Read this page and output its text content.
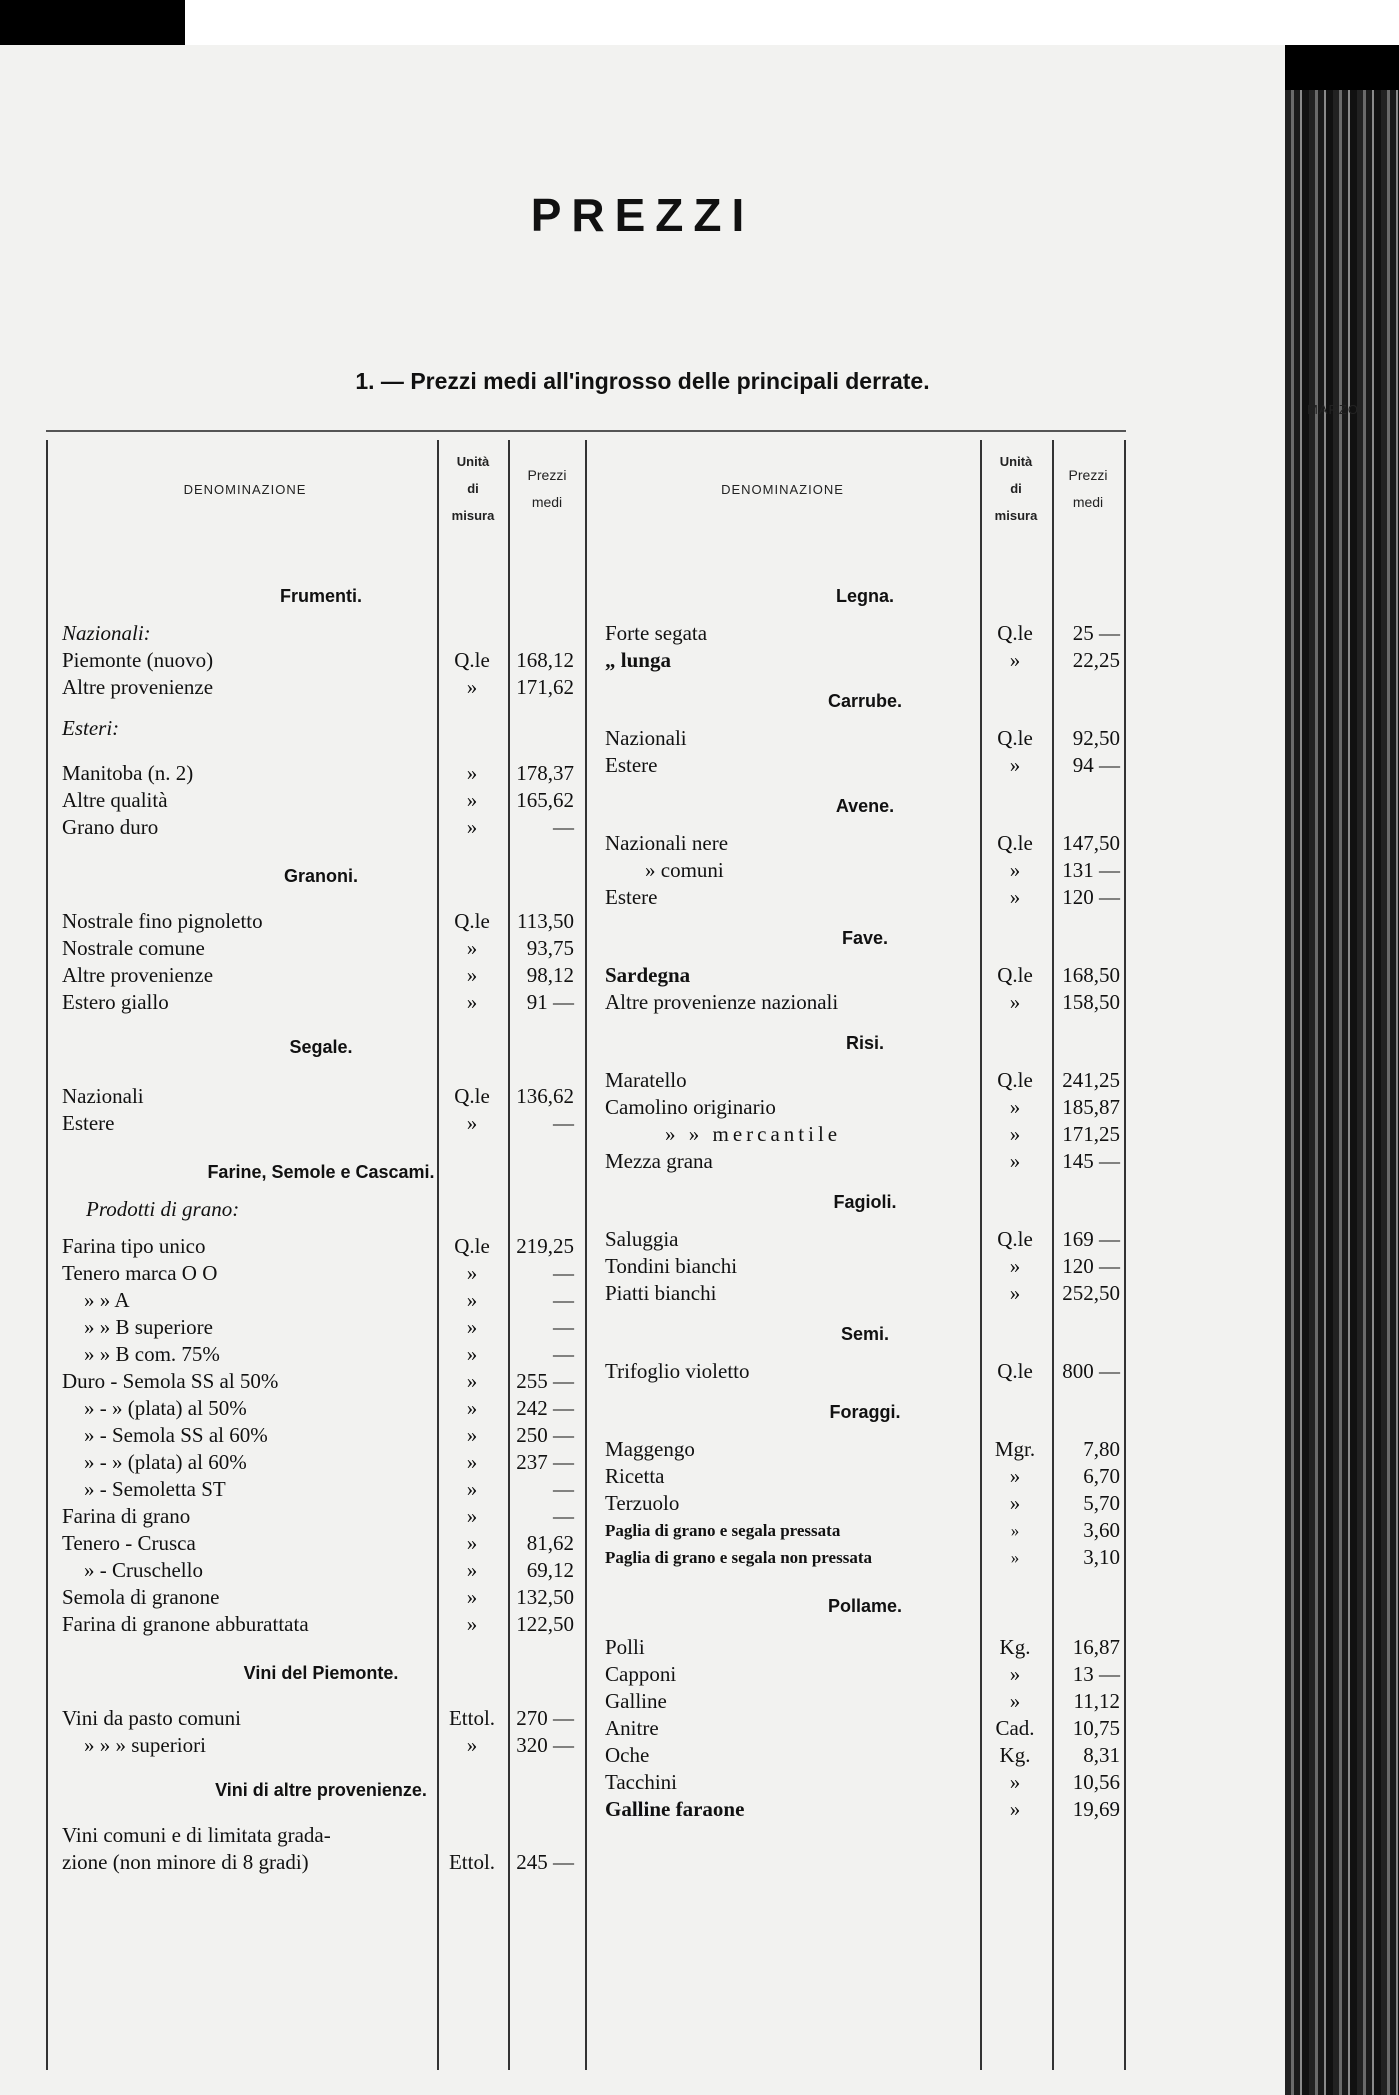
PREZZI
1. — Prezzi medi all'ingrosso delle principali derrate.
MARZO
DENOMINAZIONE
Unità
di
misura
Prezzi
medi
DENOMINAZIONE
Unità
di
misura
Prezzi
medi
Frumenti.
Nazionali:
Piemonte (nuovo)	Q.le	168,12
Altre provenienze	»	171,62
Esteri:
Manitoba (n. 2)	»	178,37
Altre qualità	»	165,62
Grano duro	»	—
Granoni.
Nostrale fino pignoletto	Q.le	113,50
Nostrale comune	»	93,75
Altre provenienze	»	98,12
Estero giallo	»	91 —
Segale.
Nazionali	Q.le	136,62
Estere	»	—
Farine, Semole e Cascami.
Prodotti di grano:
Farina tipo unico	Q.le	219,25
Tenero marca O O	»	—
» » A	»	—
» » B superiore	»	—
» » B com. 75%	»	—
Duro - Semola SS al 50%	»	255 —
» - » (plata) al 50%	»	242 —
» - Semola SS al 60%	»	250 —
» - » (plata) al 60%	»	237 —
» - Semoletta ST	»	—
Farina di grano	»	—
Tenero - Crusca	»	81,62
» - Cruschello	»	69,12
Semola di granone	»	132,50
Farina di granone abburattata	»	122,50
Vini del Piemonte.
Vini da pasto comuni	Ettol.	270 —
» » » superiori	»	320 —
Vini di altre provenienze.
Vini comuni e di limitata grada-
zione (non minore di 8 gradi)	Ettol.	245 —
Legna.
Forte segata	Q.le	25 —
„ lunga	»	22,25
Carrube.
Nazionali	Q.le	92,50
Estere	»	94 —
Avene.
Nazionali nere	Q.le	147,50
» comuni	»	131 —
Estere	»	120 —
Fave.
Sardegna	Q.le	168,50
Altre provenienze nazionali	»	158,50
Risi.
Maratello	Q.le	241,25
Camolino originario	»	185,87
» » mercantile	»	171,25
Mezza grana	»	145 —
Fagioli.
Saluggia	Q.le	169 —
Tondini bianchi	»	120 —
Piatti bianchi	»	252,50
Semi.
Trifoglio violetto	Q.le	800 —
Foraggi.
Maggengo	Mgr.	7,80
Ricetta	»	6,70
Terzuolo	»	5,70
Paglia di grano e segala pressata	»	3,60
Paglia di grano e segala non pressata	»	3,10
Pollame.
Polli	Kg.	16,87
Capponi	»	13 —
Galline	»	11,12
Anitre	Cad.	10,75
Oche	Kg.	8,31
Tacchini	»	10,56
Galline faraone	»	19,69
